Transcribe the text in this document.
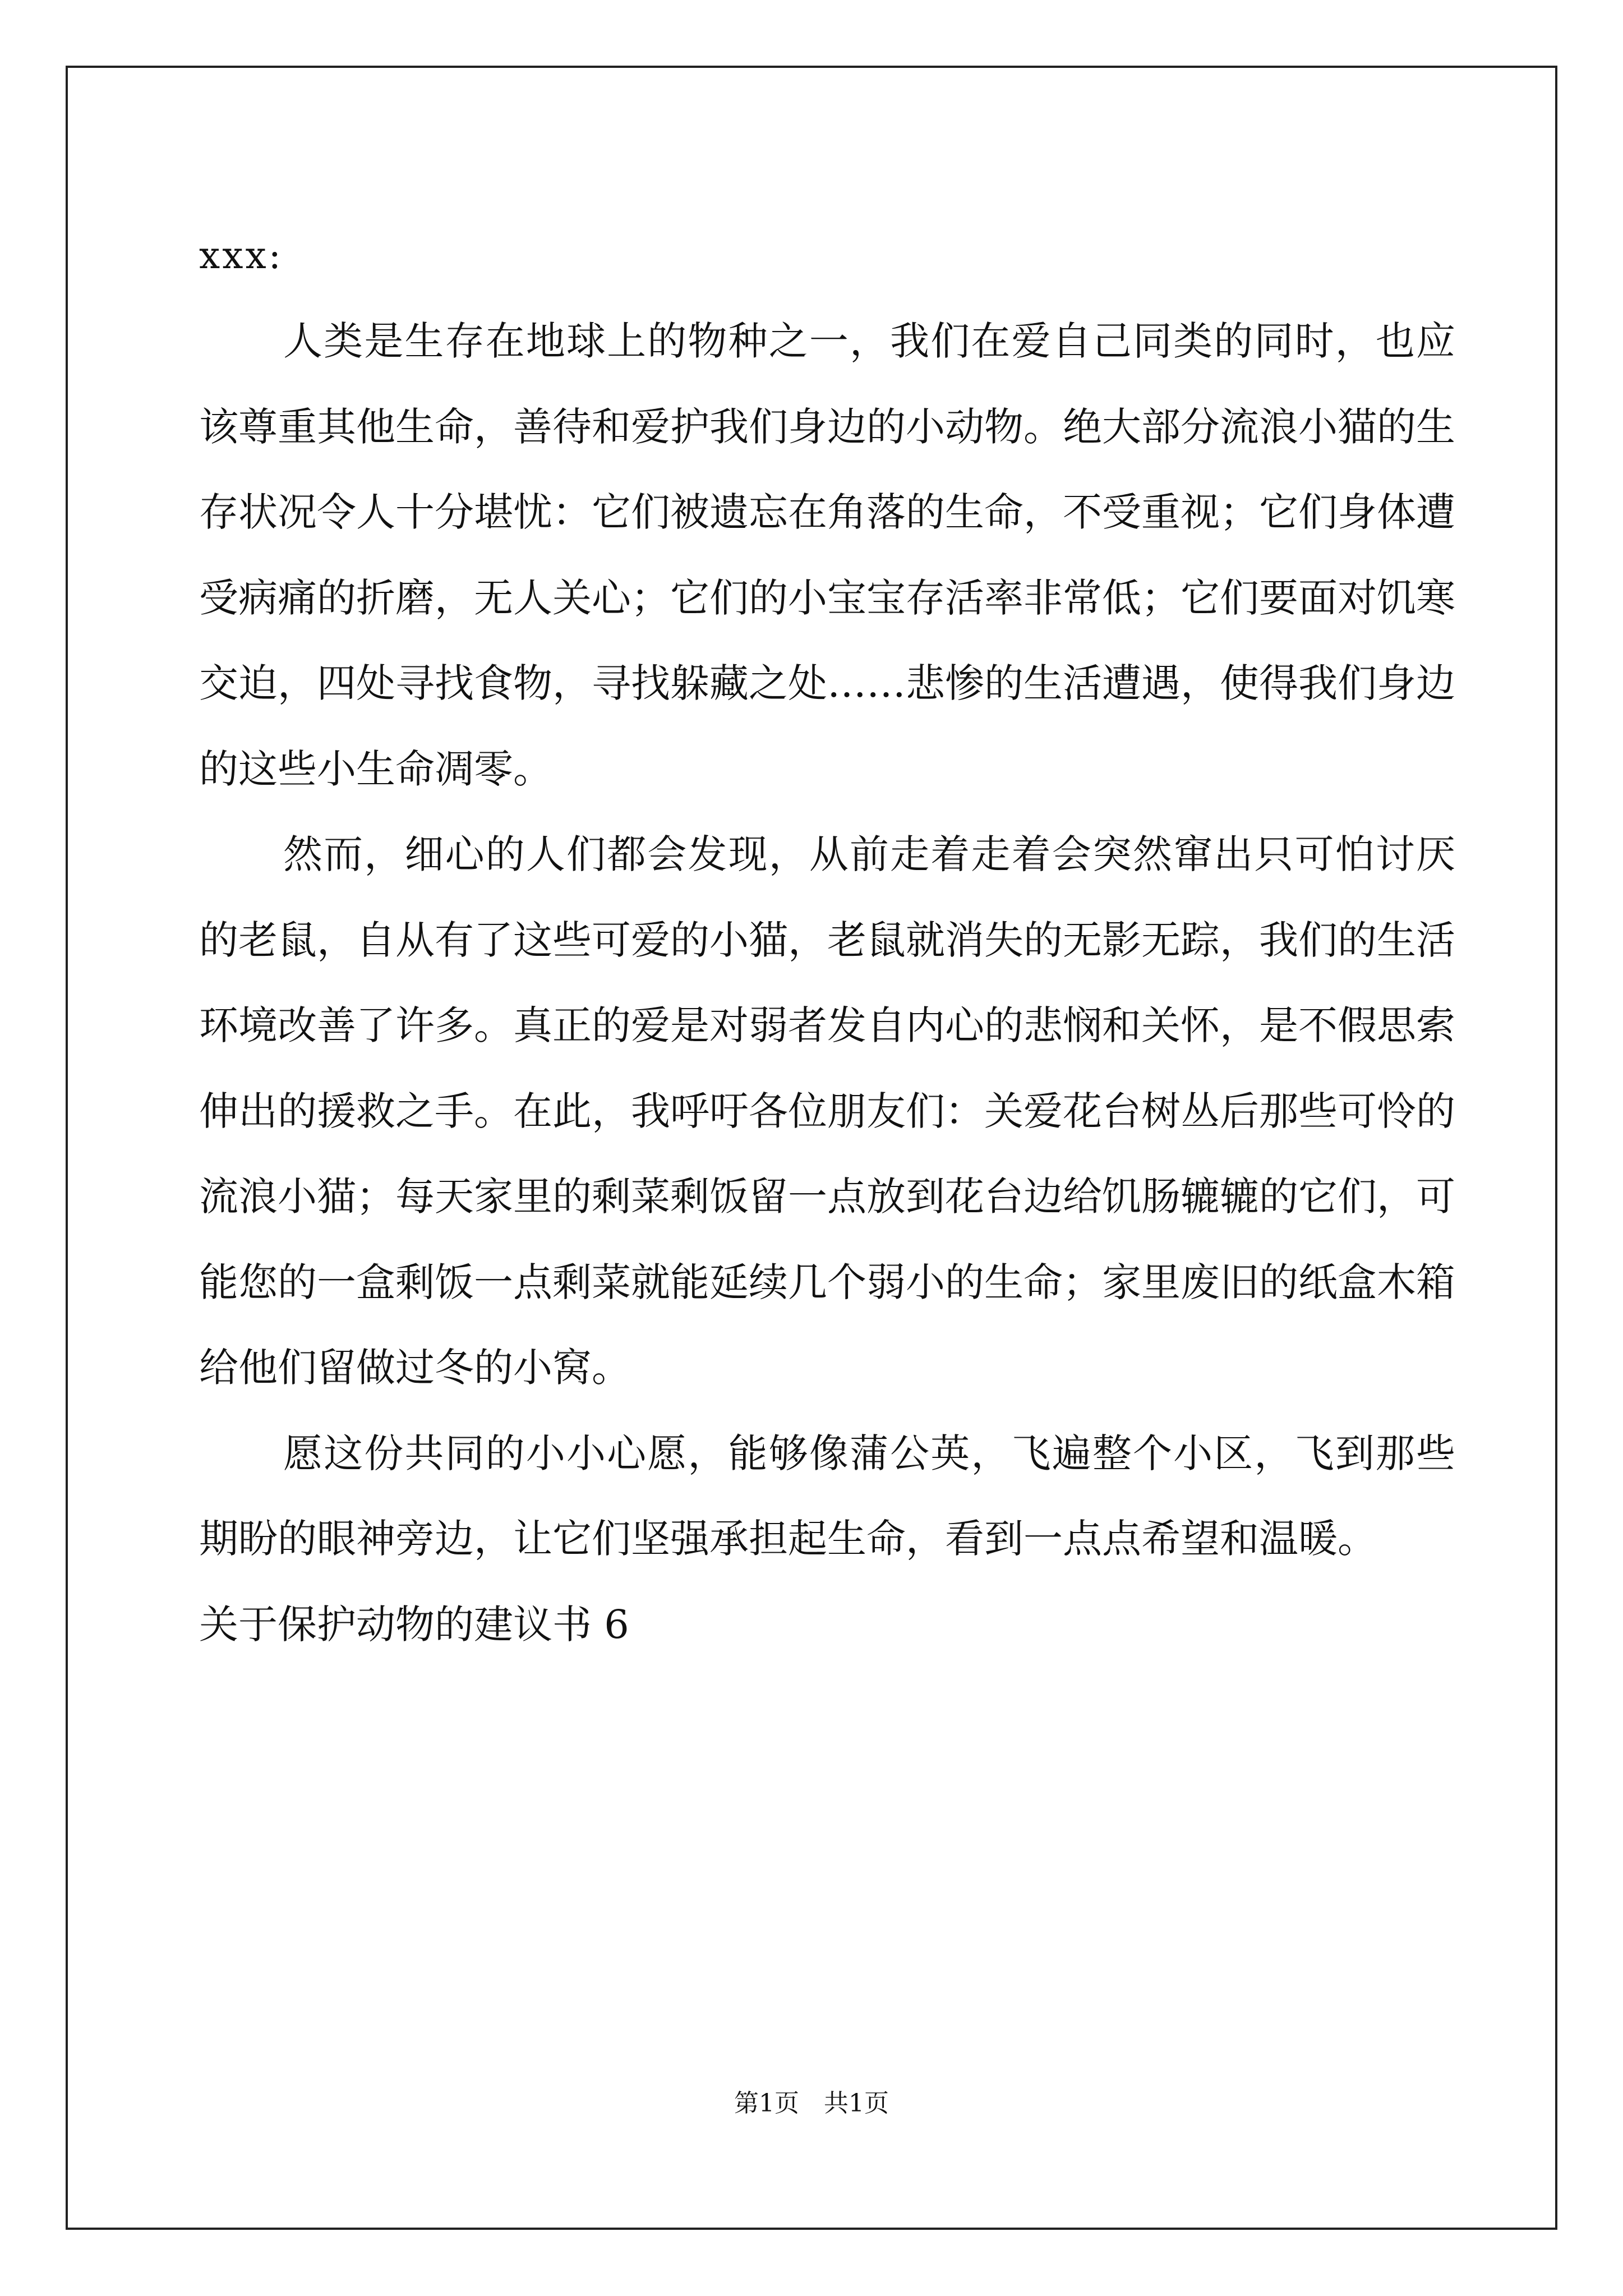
xxx:

人类是生存在地球上的物种之一，我们在爱自己同类的同时，也应该尊重其他生命，善待和爱护我们身边的小动物。绝大部分流浪小猫的生存状况令人十分堪忧：它们被遗忘在角落的生命，不受重视；它们身体遭受病痛的折磨，无人关心；它们的小宝宝存活率非常低；它们要面对饥寒交迫，四处寻找食物，寻找躲藏之处……悲惨的生活遭遇，使得我们身边的这些小生命凋零。

然而，细心的人们都会发现，从前走着走着会突然窜出只可怕讨厌的老鼠，自从有了这些可爱的小猫，老鼠就消失的无影无踪，我们的生活环境改善了许多。真正的爱是对弱者发自内心的悲悯和关怀，是不假思索伸出的援救之手。在此，我呼吁各位朋友们：关爱花台树丛后那些可怜的流浪小猫；每天家里的剩菜剩饭留一点放到花台边给饥肠辘辘的它们，可能您的一盒剩饭一点剩菜就能延续几个弱小的生命；家里废旧的纸盒木箱给他们留做过冬的小窝。

愿这份共同的小小心愿，能够像蒲公英，飞遍整个小区，飞到那些期盼的眼神旁边，让它们坚强承担起生命，看到一点点希望和温暖。

关于保护动物的建议书 6
第1页　共1页
